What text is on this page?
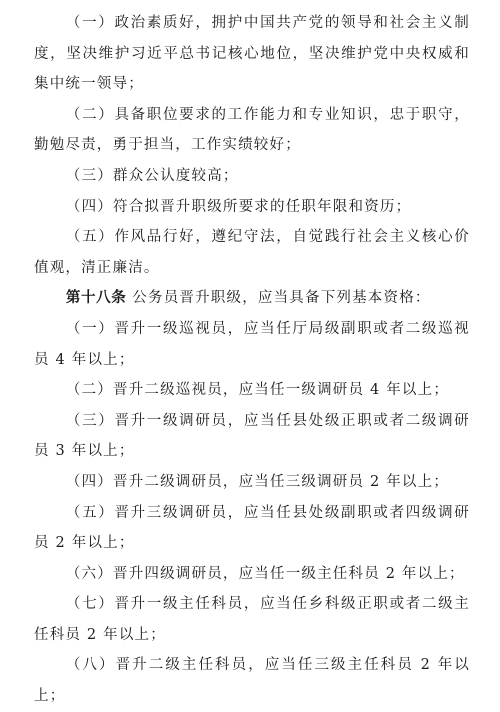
（一）政治素质好，拥护中国共产党的领导和社会主义制度，坚决维护习近平总书记核心地位，坚决维护党中央权威和集中统一领导；

（二）具备职位要求的工作能力和专业知识，忠于职守，勤勉尽责，勇于担当，工作实绩较好；

（三）群众公认度较高；

（四）符合拟晋升职级所要求的任职年限和资历；

（五）作风品行好，遵纪守法，自觉践行社会主义核心价值观，清正廉洁。

第十八条 公务员晋升职级，应当具备下列基本资格：

（一）晋升一级巡视员，应当任厅局级副职或者二级巡视员 4 年以上；

（二）晋升二级巡视员，应当任一级调研员 4 年以上；

（三）晋升一级调研员，应当任县处级正职或者二级调研员 3 年以上；

（四）晋升二级调研员，应当任三级调研员 2 年以上；

（五）晋升三级调研员，应当任县处级副职或者四级调研员 2 年以上；

（六）晋升四级调研员，应当任一级主任科员 2 年以上；

（七）晋升一级主任科员，应当任乡科级正职或者二级主任科员 2 年以上；

（八）晋升二级主任科员，应当任三级主任科员 2 年以上；
